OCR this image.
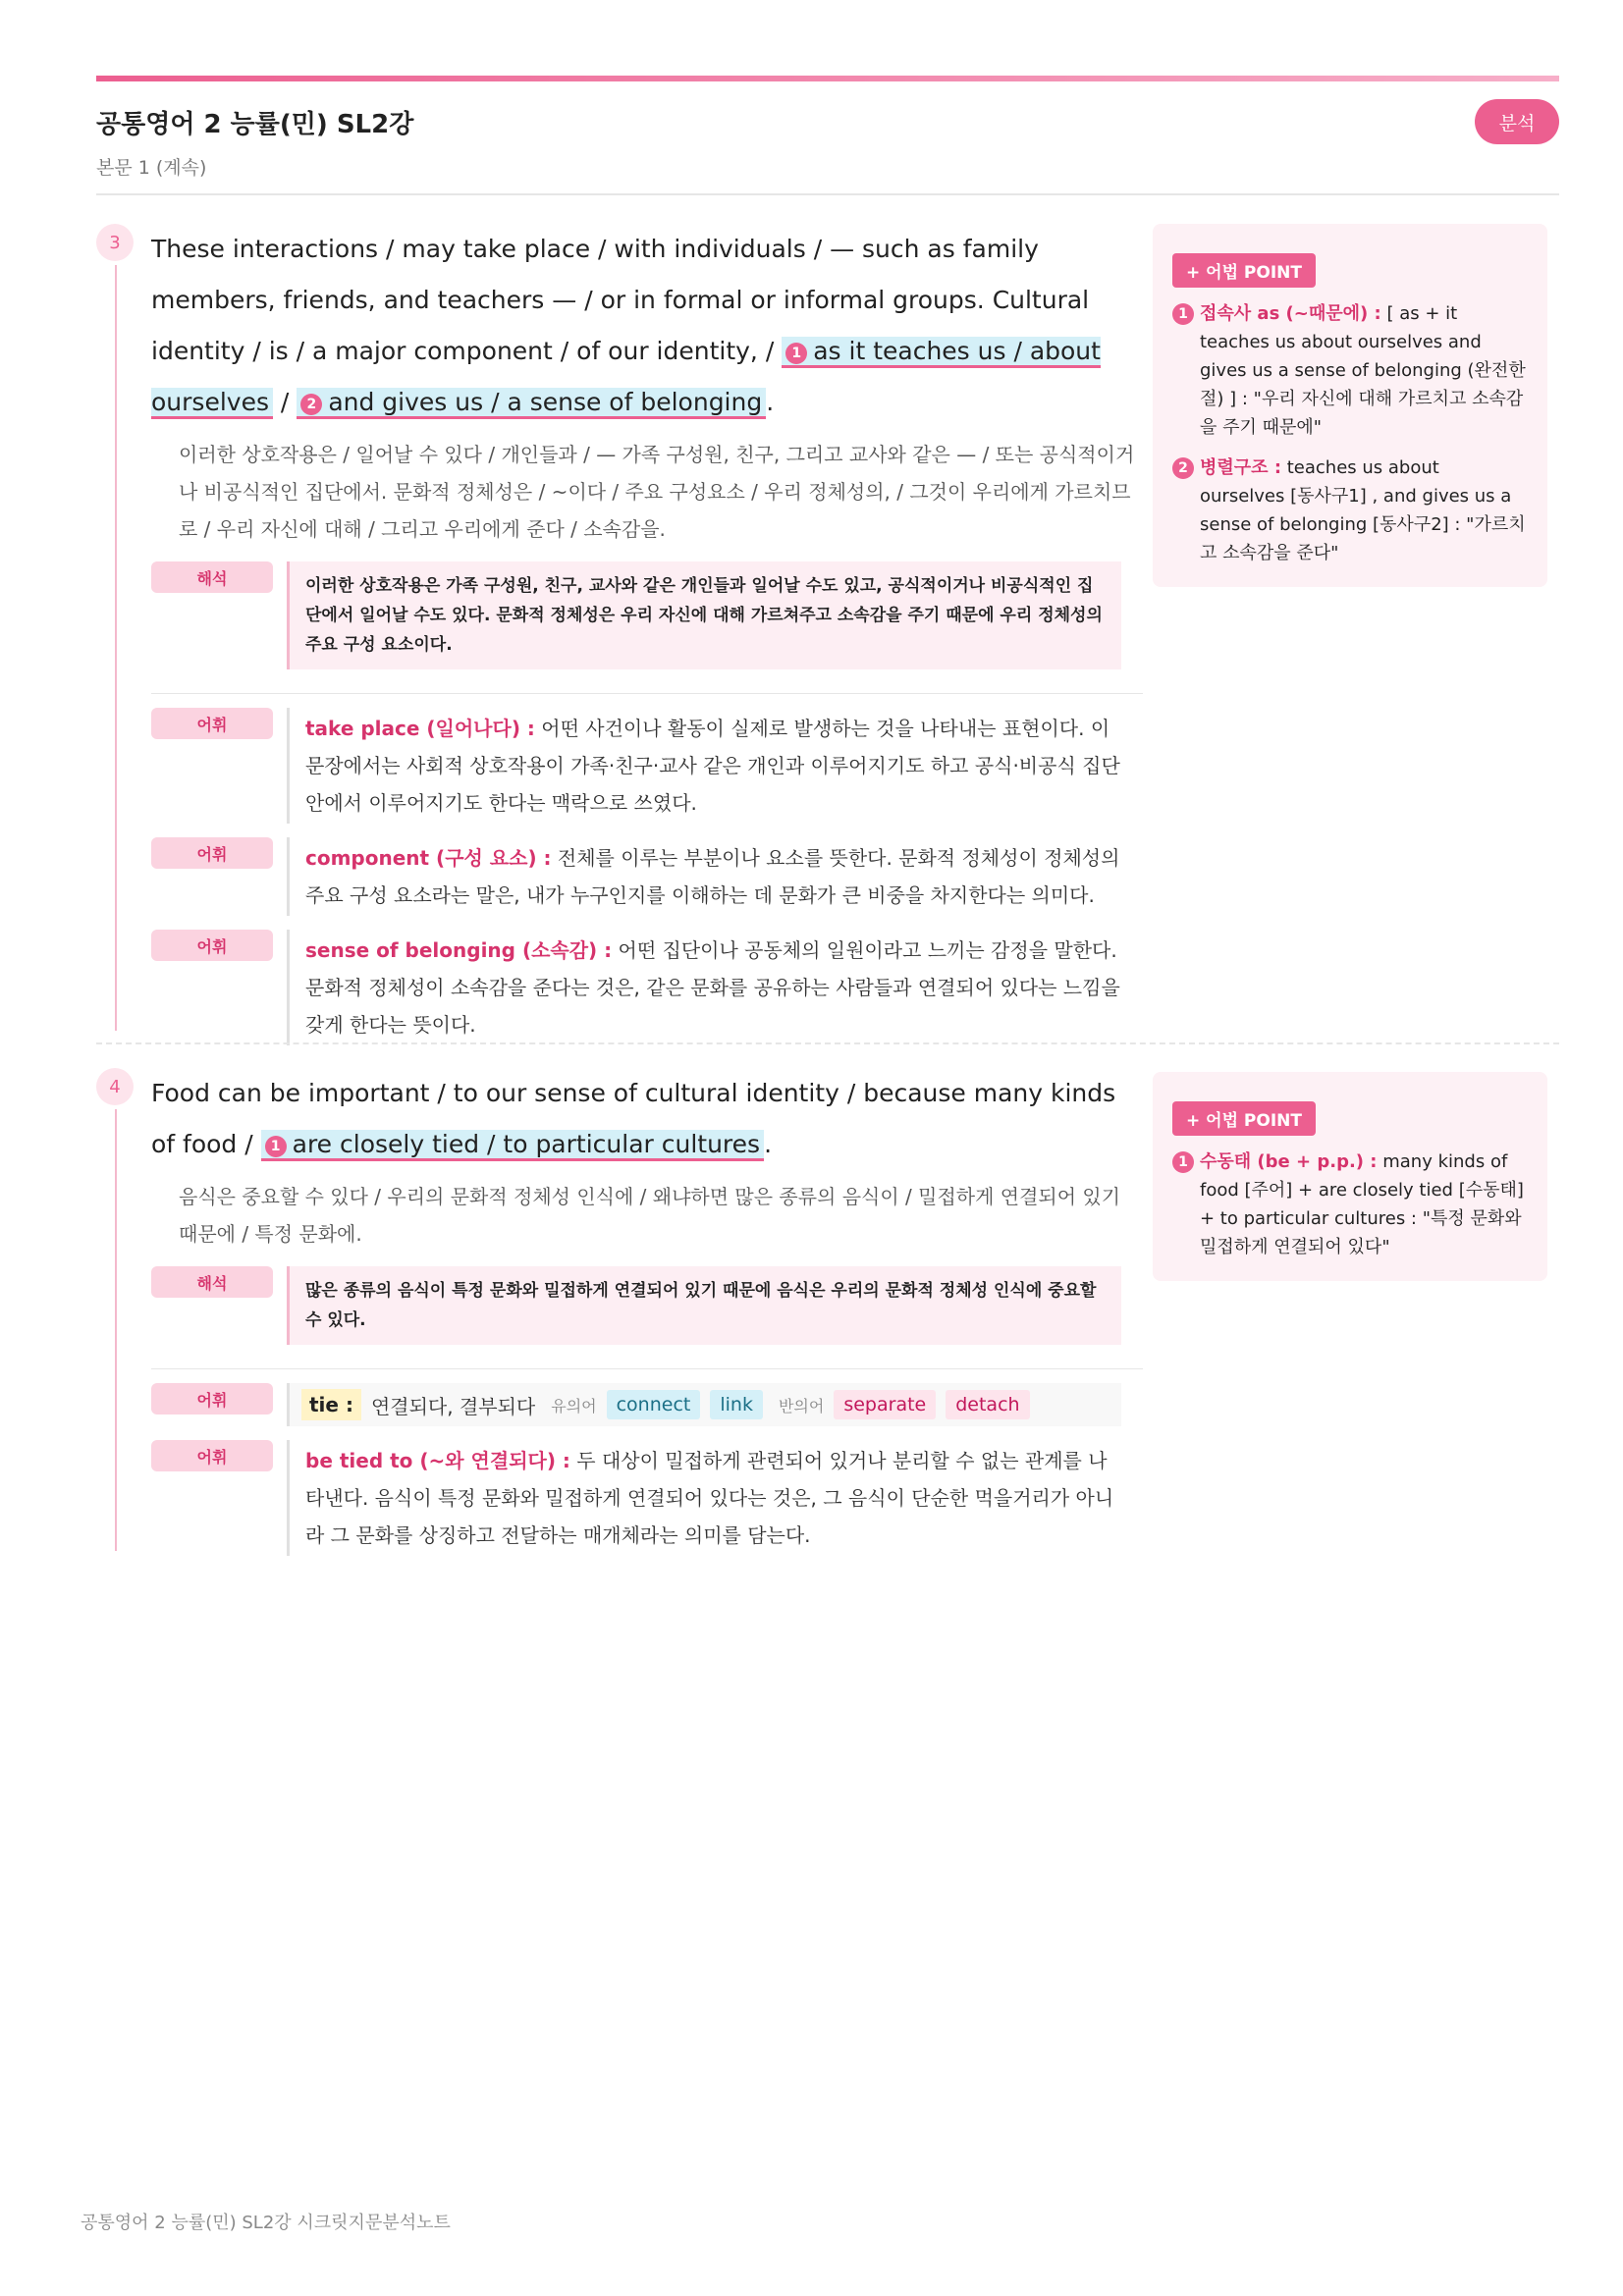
공통영어 2 능률(민) SL2강
본문 1 (계속)
분석
3	These interactions / may take place / with individuals / — such as family members, friends, and teachers — / or in formal or informal groups. Cultural identity / is / a major component / of our identity, / 1 as it teaches us / about ourselves / 2 and gives us / a sense of belonging .

이러한 상호작용은 / 일어날 수 있다 / 개인들과 / — 가족 구성원, 친구, 그리고 교사와 같은 — / 또는 공식적이거나 비공식적인 집단에서. 문화적 정체성은 / ~이다 / 주요 구성요소 / 우리 정체성의, / 그것이 우리에게 가르치므로 / 우리 자신에 대해 / 그리고 우리에게 준다 / 소속감을.
해석	이러한 상호작용은 가족 구성원, 친구, 교사와 같은 개인들과 일어날 수도 있고, 공식적이거나 비공식적인 집단에서 일어날 수도 있다. 문화적 정체성은 우리 자신에 대해 가르쳐주고 소속감을 주기 때문에 우리 정체성의 주요 구성 요소이다.
어휘	take place (일어나다) : 어떤 사건이나 활동이 실제로 발생하는 것을 나타내는 표현이다. 이 문장에서는 사회적 상호작용이 가족·친구·교사 같은 개인과 이루어지기도 하고 공식·비공식 집단 안에서 이루어지기도 한다는 맥락으로 쓰였다.
어휘	component (구성 요소) : 전체를 이루는 부분이나 요소를 뜻한다. 문화적 정체성이 정체성의 주요 구성 요소라는 말은, 내가 누구인지를 이해하는 데 문화가 큰 비중을 차지한다는 의미다.
어휘	sense of belonging (소속감) : 어떤 집단이나 공동체의 일원이라고 느끼는 감정을 말한다. 문화적 정체성이 소속감을 준다는 것은, 같은 문화를 공유하는 사람들과 연결되어 있다는 느낌을 갖게 한다는 뜻이다.
+ 어법 POINT
1 접속사 as (~때문에) : [ as + it teaches us about ourselves and gives us a sense of belonging (완전한 절) ] : "우리 자신에 대해 가르치고 소속감을 주기 때문에"
2 병렬구조 : teaches us about ourselves [동사구1] , and gives us a sense of belonging [동사구2] : "가르치고 소속감을 준다"
4	Food can be important / to our sense of cultural identity / because many kinds of food / 1 are closely tied / to particular cultures .

음식은 중요할 수 있다 / 우리의 문화적 정체성 인식에 / 왜냐하면 많은 종류의 음식이 / 밀접하게 연결되어 있기 때문에 / 특정 문화에.
해석	많은 종류의 음식이 특정 문화와 밀접하게 연결되어 있기 때문에 음식은 우리의 문화적 정체성 인식에 중요할 수 있다.
어휘	tie : 연결되다, 결부되다 유의어	connect	link	반의어	separate	detach
어휘	be tied to (~와 연결되다) : 두 대상이 밀접하게 관련되어 있거나 분리할 수 없는 관계를 나타낸다. 음식이 특정 문화와 밀접하게 연결되어 있다는 것은, 그 음식이 단순한 먹을거리가 아니라 그 문화를 상징하고 전달하는 매개체라는 의미를 담는다.
+ 어법 POINT
1 수동태 (be + p.p.) : many kinds of food [주어] + are closely tied [수동태] + to particular cultures : "특정 문화와 밀접하게 연결되어 있다"
공통영어 2 능률(민) SL2강 시크릿지문분석노트
